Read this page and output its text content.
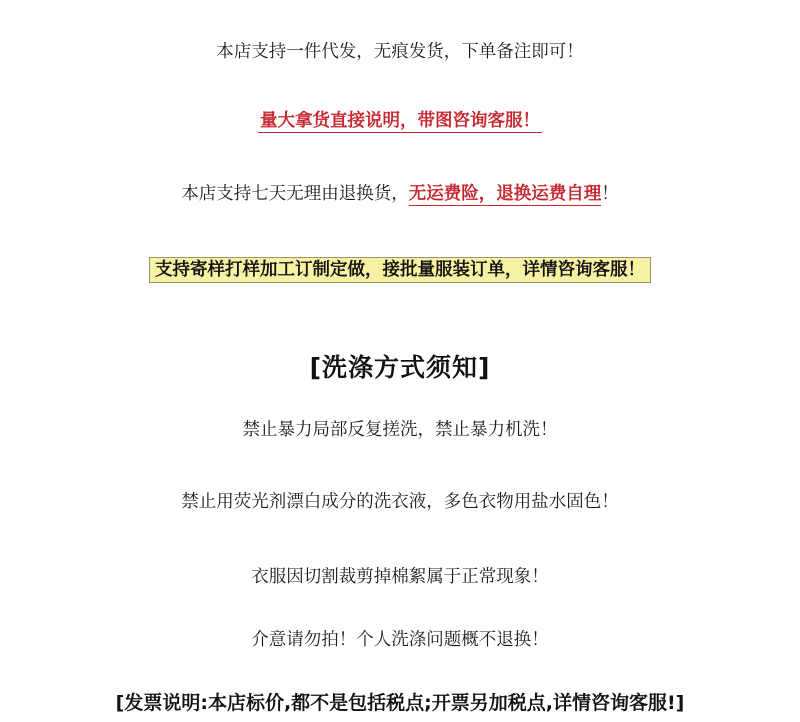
本店支持一件代发，无痕发货，下单备注即可！
量大拿货直接说明，带图咨询客服！
本店支持七天无理由退换货，无运费险，退换运费自理！
支持寄样打样加工订制定做，接批量服装订单，详情咨询客服！
[洗涤方式须知]
禁止暴力局部反复搓洗，禁止暴力机洗！
禁止用荧光剂漂白成分的洗衣液，多色衣物用盐水固色！
衣服因切割裁剪掉棉絮属于正常现象！
介意请勿拍！个人洗涤问题概不退换！
[发票说明:本店标价,都不是包括税点;开票另加税点,详情咨询客服!]
